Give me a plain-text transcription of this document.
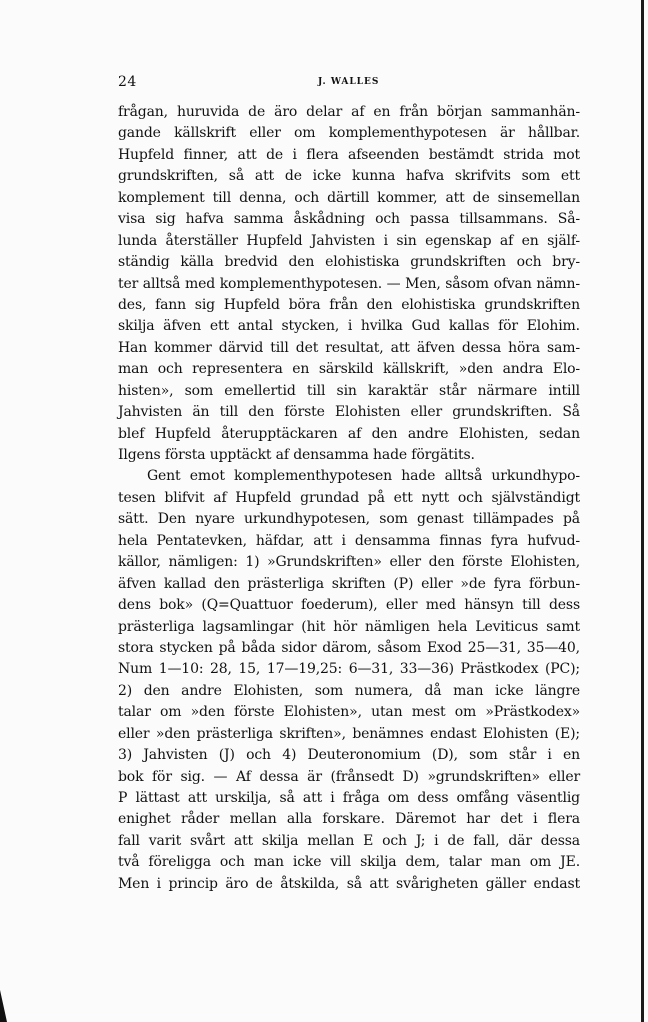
24	J. WALLES
frågan, huruvida de äro delar af en från början sammanhän-
gande källskrift eller om komplementhypotesen är hållbar.
Hupfeld finner, att de i flera afseenden bestämdt strida mot
grundskriften, så att de icke kunna hafva skrifvits som ett
komplement till denna, och därtill kommer, att de sinsemellan
visa sig hafva samma åskådning och passa tillsammans. Så-
lunda återställer Hupfeld Jahvisten i sin egenskap af en själf-
ständig källa bredvid den elohistiska grundskriften och bry-
ter alltså med komplementhypotesen. — Men, såsom ofvan nämn-
des, fann sig Hupfeld böra från den elohistiska grundskriften
skilja äfven ett antal stycken, i hvilka Gud kallas för Elohim.
Han kommer därvid till det resultat, att äfven dessa höra sam-
man och representera en särskild källskrift, »den andra Elo-
histen», som emellertid till sin karaktär står närmare intill
Jahvisten än till den förste Elohisten eller grundskriften. Så
blef Hupfeld återupptäckaren af den andre Elohisten, sedan
Ilgens första upptäckt af densamma hade förgätits.
Gent emot komplementhypotesen hade alltså urkundhypo-
tesen blifvit af Hupfeld grundad på ett nytt och självständigt
sätt. Den nyare urkundhypotesen, som genast tillämpades på
hela Pentatevken, häfdar, att i densamma finnas fyra hufvud-
källor, nämligen: 1) »Grundskriften» eller den förste Elohisten,
äfven kallad den prästerliga skriften (P) eller »de fyra förbun-
dens bok» (Q=Quattuor foederum), eller med hänsyn till dess
prästerliga lagsamlingar (hit hör nämligen hela Leviticus samt
stora stycken på båda sidor därom, såsom Exod 25—31, 35—40,
Num 1—10: 28, 15, 17—19,25: 6—31, 33—36) Prästkodex (PC);
2) den andre Elohisten, som numera, då man icke längre
talar om »den förste Elohisten», utan mest om »Prästkodex»
eller »den prästerliga skriften», benämnes endast Elohisten (E);
3) Jahvisten (J) och 4) Deuteronomium (D), som står i en
bok för sig. — Af dessa är (frånsedt D) »grundskriften» eller
P lättast att urskilja, så att i fråga om dess omfång väsentlig
enighet råder mellan alla forskare. Däremot har det i flera
fall varit svårt att skilja mellan E och J; i de fall, där dessa
två föreligga och man icke vill skilja dem, talar man om JE.
Men i princip äro de åtskilda, så att svårigheten gäller endast
